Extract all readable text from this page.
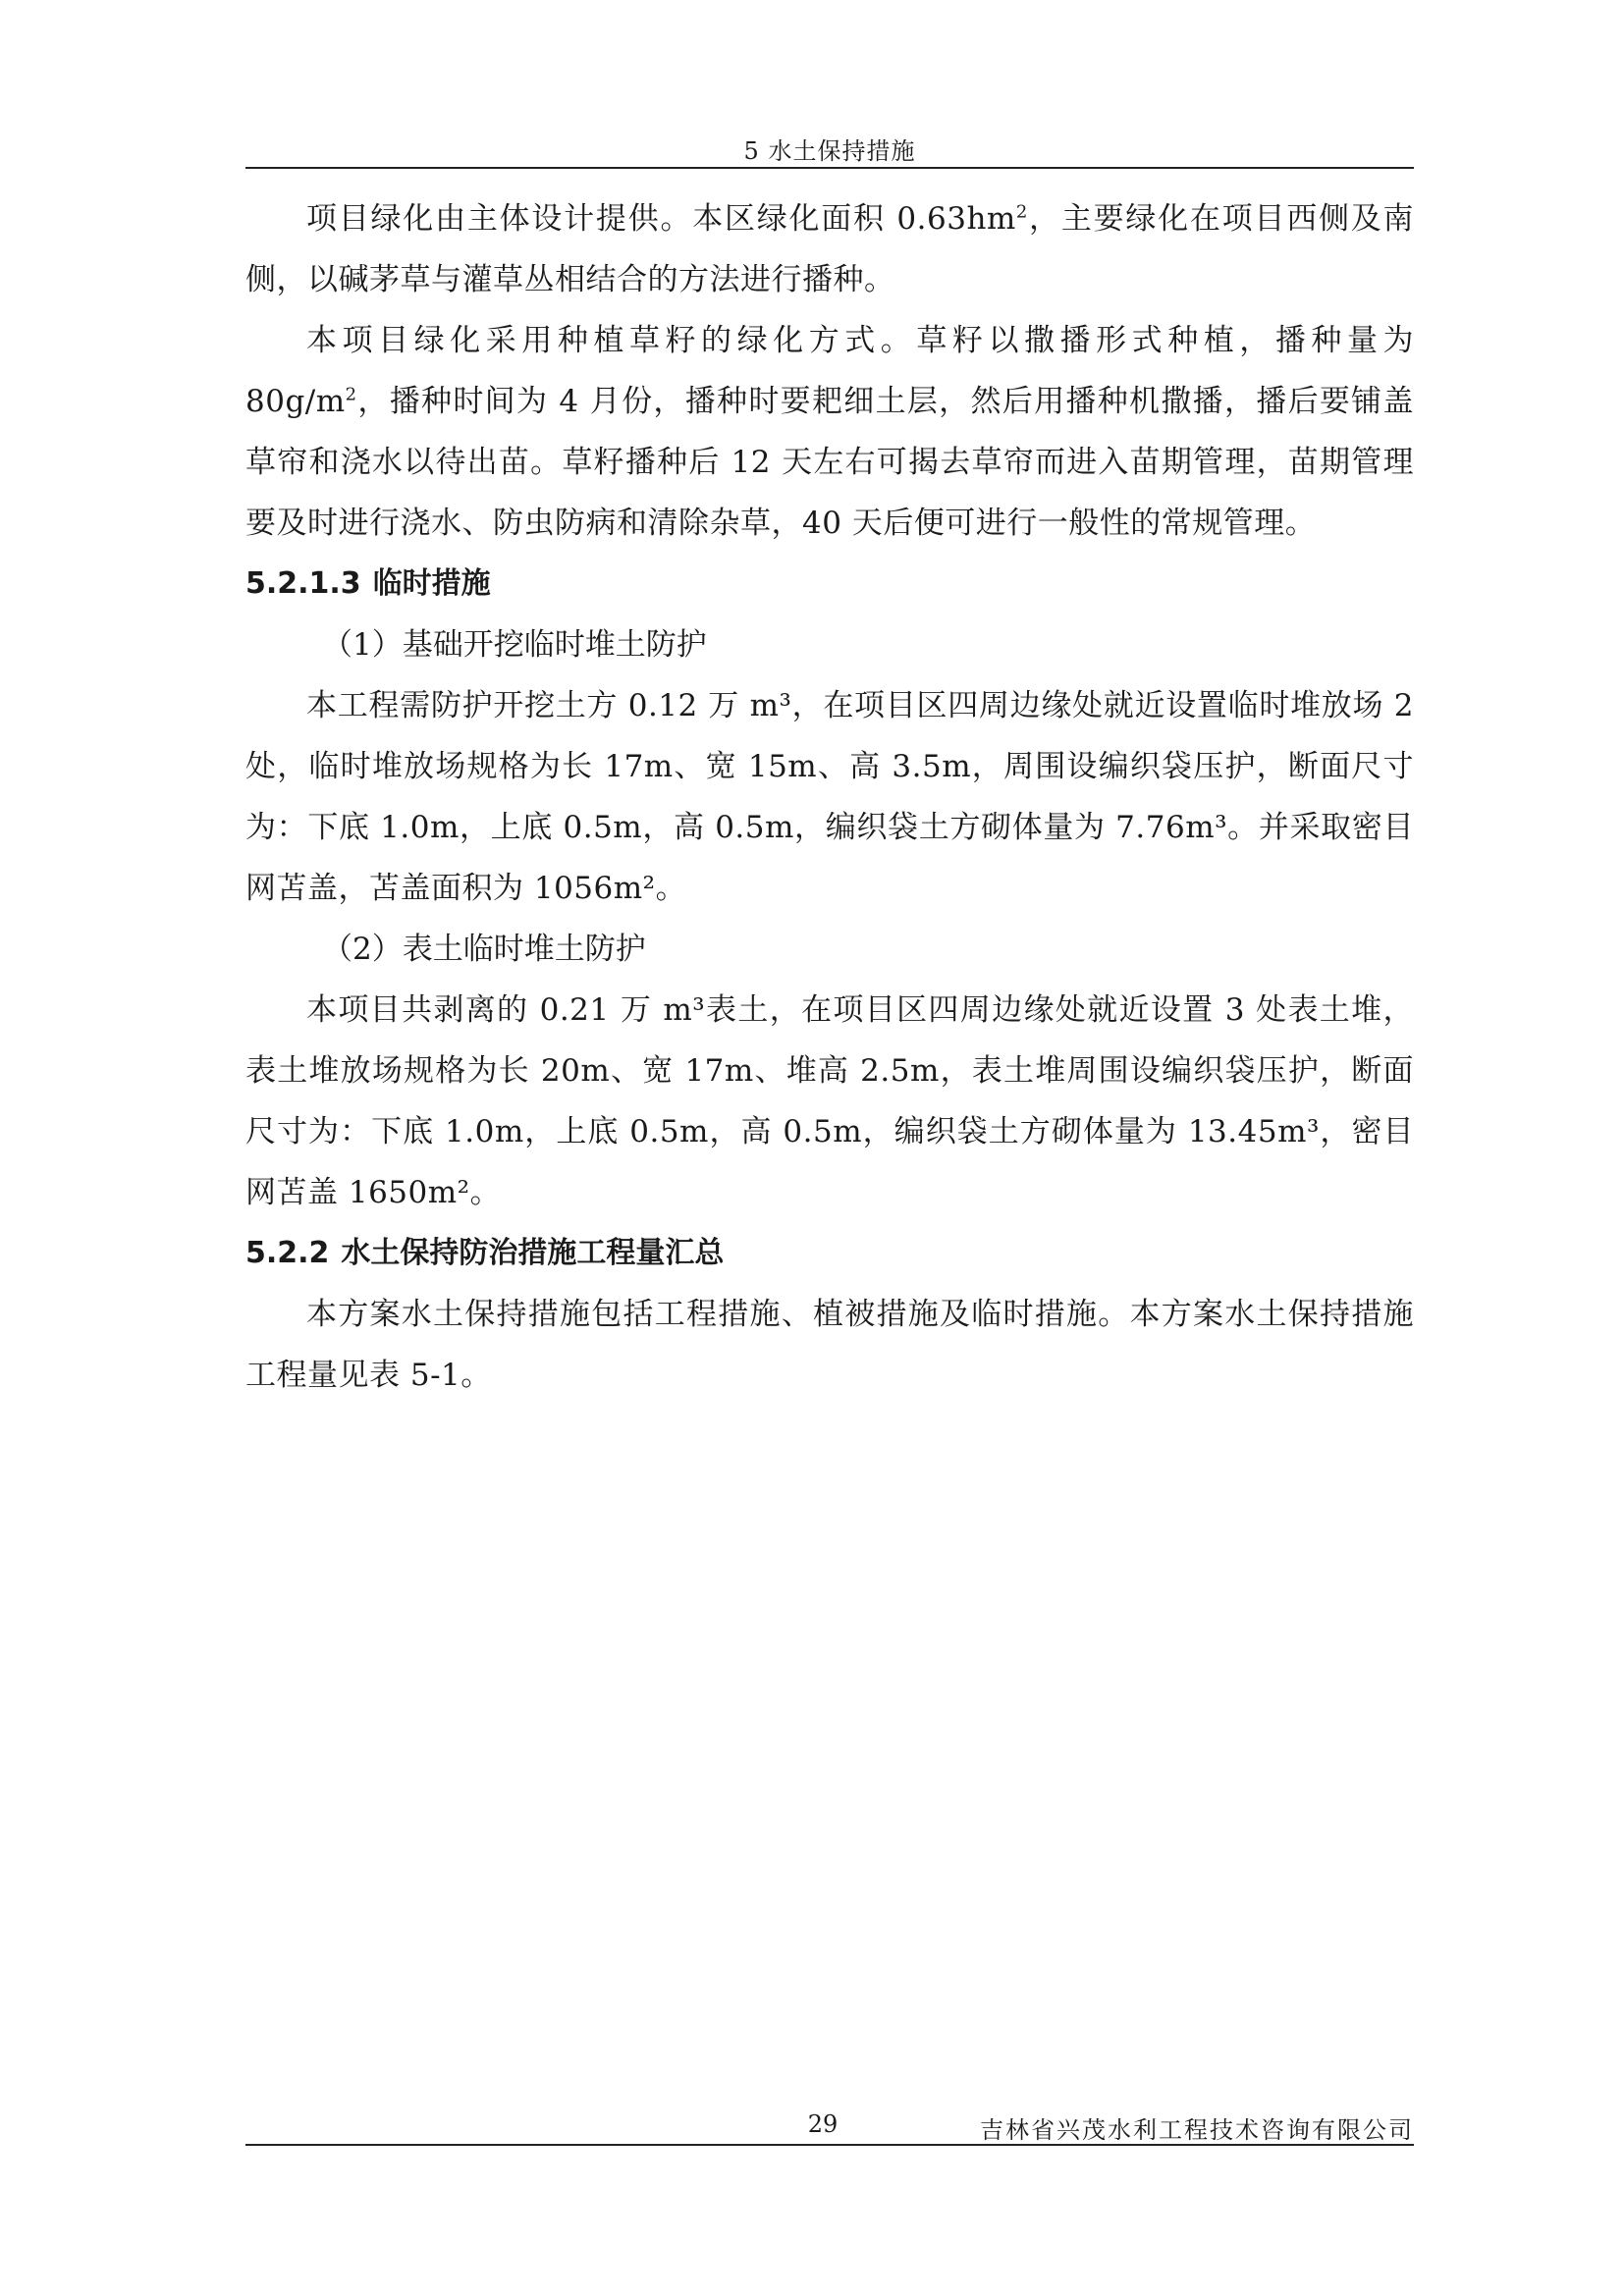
5 水土保持措施

项目绿化由主体设计提供。本区绿化面积 $0.63hm^2$，主要绿化在项目西侧及南侧，以碱茅草与灌草丛相结合的方法进行播种。

本项目绿化采用种植草籽的绿化方式。草籽以撒播形式种植，播种量为 $80g/m^2$，播种时间为 4 月份，播种时要耙细土层，然后用播种机撒播，播后要铺盖草帘和浇水以待出苗。草籽播种后 12 天左右可揭去草帘而进入苗期管理，苗期管理要及时进行浇水、防虫防病和清除杂草，40 天后便可进行一般性的常规管理。

5.2.1.3 临时措施

（1）基础开挖临时堆土防护

本工程需防护开挖土方 0.12 万 m³，在项目区四周边缘处就近设置临时堆放场 2 处，临时堆放场规格为长 17m、宽 15m、高 3.5m，周围设编织袋压护，断面尺寸为：下底 1.0m，上底 0.5m，高 0.5m，编织袋土方砌体量为 7.76m³。并采取密目网苫盖，苫盖面积为 1056m²。

（2）表土临时堆土防护

本项目共剥离的 0.21 万 m³表土，在项目区四周边缘处就近设置 3 处表土堆，表土堆放场规格为长 20m、宽 17m、堆高 2.5m，表土堆周围设编织袋压护，断面尺寸为：下底 1.0m，上底 0.5m，高 0.5m，编织袋土方砌体量为 13.45m³，密目网苫盖 1650m²。

5.2.2 水土保持防治措施工程量汇总

本方案水土保持措施包括工程措施、植被措施及临时措施。本方案水土保持措施工程量见表 5-1。

29	吉林省兴茂水利工程技术咨询有限公司
